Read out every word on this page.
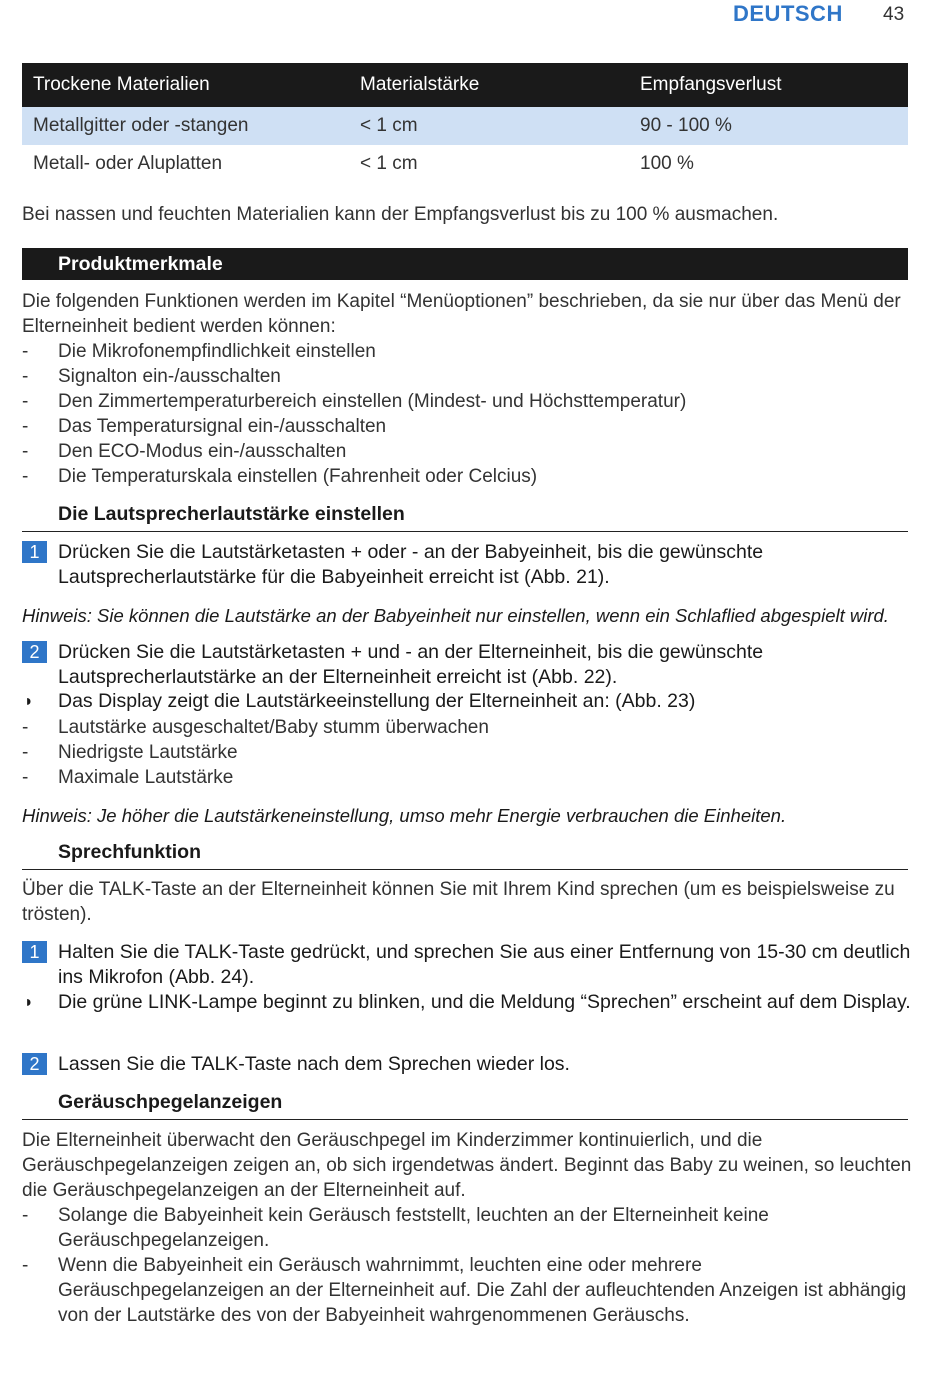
DEUTSCH 43
Trockene Materialien	Materialstärke	Empfangsverlust
Metallgitter oder -stangen	< 1 cm	90 - 100 %
Metall- oder Aluplatten	< 1 cm	100 %
Bei nassen und feuchten Materialien kann der Empfangsverlust bis zu 100 % ausmachen.
Produktmerkmale
Die folgenden Funktionen werden im Kapitel “Menüoptionen” beschrieben, da sie nur über das Menü der Elterneinheit bedient werden können:
-	Die Mikrofonempfindlichkeit einstellen
-	Signalton ein-/ausschalten
-	Den Zimmertemperaturbereich einstellen (Mindest- und Höchsttemperatur)
-	Das Temperatursignal ein-/ausschalten
-	Den ECO-Modus ein-/ausschalten
-	Die Temperaturskala einstellen (Fahrenheit oder Celcius)
Die Lautsprecherlautstärke einstellen
1 Drücken Sie die Lautstärketasten + oder - an der Babyeinheit, bis die gewünschte Lautsprecherlautstärke für die Babyeinheit erreicht ist (Abb. 21).
Hinweis: Sie können die Lautstärke an der Babyeinheit nur einstellen, wenn ein Schlaflied abgespielt wird.
2 Drücken Sie die Lautstärketasten + und - an der Elterneinheit, bis die gewünschte Lautsprecherlautstärke an der Elterneinheit erreicht ist (Abb. 22).
◗ Das Display zeigt die Lautstärkeeinstellung der Elterneinheit an: (Abb. 23)
-	Lautstärke ausgeschaltet/Baby stumm überwachen
-	Niedrigste Lautstärke
-	Maximale Lautstärke
Hinweis: Je höher die Lautstärkeneinstellung, umso mehr Energie verbrauchen die Einheiten.
Sprechfunktion
Über die TALK-Taste an der Elterneinheit können Sie mit Ihrem Kind sprechen (um es beispielsweise zu trösten).
1 Halten Sie die TALK-Taste gedrückt, und sprechen Sie aus einer Entfernung von 15-30 cm deutlich ins Mikrofon (Abb. 24).
◗ Die grüne LINK-Lampe beginnt zu blinken, und die Meldung “Sprechen” erscheint auf dem Display.
2 Lassen Sie die TALK-Taste nach dem Sprechen wieder los.
Geräuschpegelanzeigen
Die Elterneinheit überwacht den Geräuschpegel im Kinderzimmer kontinuierlich, und die Geräuschpegelanzeigen zeigen an, ob sich irgendetwas ändert. Beginnt das Baby zu weinen, so leuchten die Geräuschpegelanzeigen an der Elterneinheit auf.
-	Solange die Babyeinheit kein Geräusch feststellt, leuchten an der Elterneinheit keine Geräuschpegelanzeigen.
-	Wenn die Babyeinheit ein Geräusch wahrnimmt, leuchten eine oder mehrere Geräuschpegelanzeigen an der Elterneinheit auf. Die Zahl der aufleuchtenden Anzeigen ist abhängig von der Lautstärke des von der Babyeinheit wahrgenommenen Geräuschs.
